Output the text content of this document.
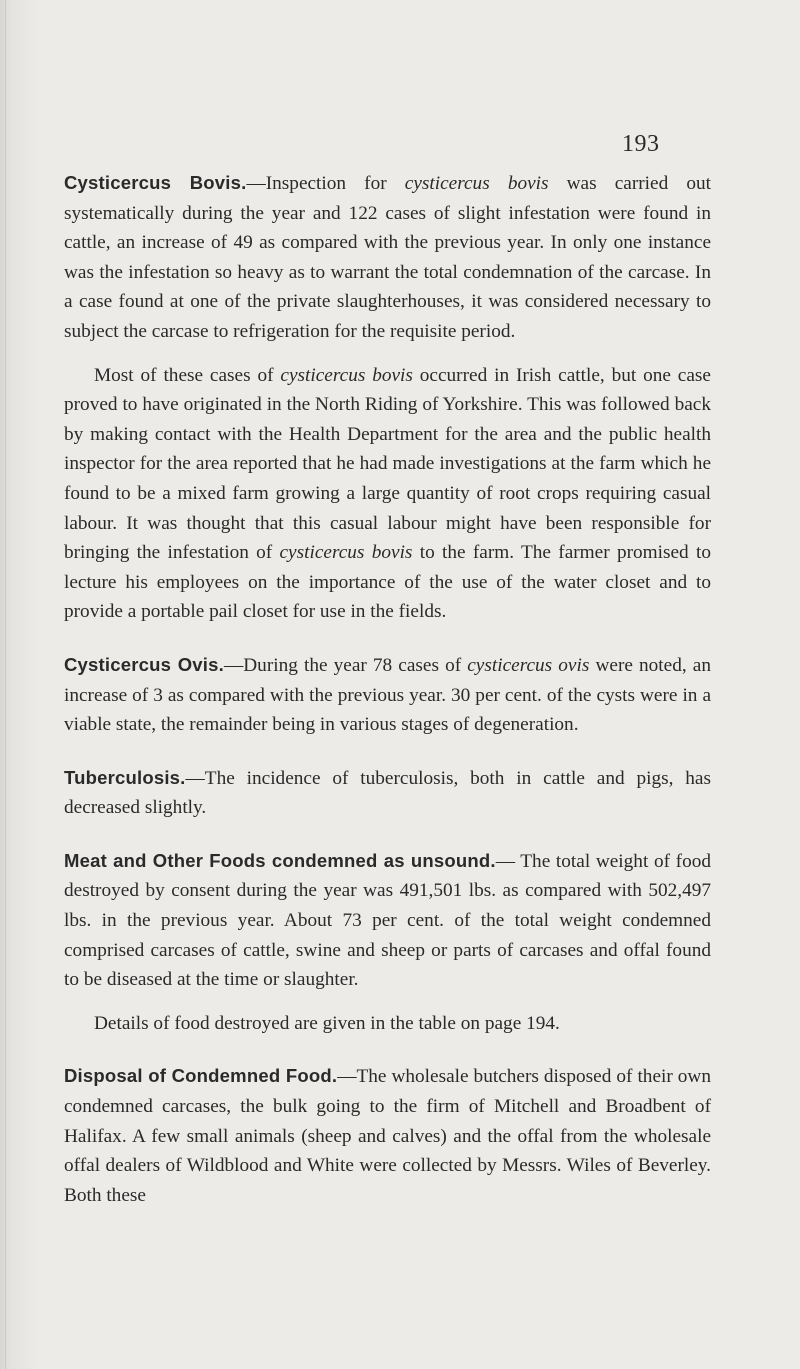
193

Cysticercus Bovis.—Inspection for cysticercus bovis was carried out systematically during the year and 122 cases of slight infestation were found in cattle, an increase of 49 as compared with the previous year. In only one instance was the infestation so heavy as to warrant the total condemnation of the carcase. In a case found at one of the private slaughterhouses, it was considered necessary to subject the carcase to refrigeration for the requisite period.

Most of these cases of cysticercus bovis occurred in Irish cattle, but one case proved to have originated in the North Riding of Yorkshire. This was followed back by making contact with the Health Department for the area and the public health inspector for the area reported that he had made investigations at the farm which he found to be a mixed farm growing a large quantity of root crops requiring casual labour. It was thought that this casual labour might have been responsible for bringing the infestation of cysticercus bovis to the farm. The farmer promised to lecture his employees on the importance of the use of the water closet and to provide a portable pail closet for use in the fields.

Cysticercus Ovis.—During the year 78 cases of cysticercus ovis were noted, an increase of 3 as compared with the previous year. 30 per cent. of the cysts were in a viable state, the remainder being in various stages of degeneration.

Tuberculosis.—The incidence of tuberculosis, both in cattle and pigs, has decreased slightly.

Meat and Other Foods condemned as unsound.— The total weight of food destroyed by consent during the year was 491,501 lbs. as compared with 502,497 lbs. in the previous year. About 73 per cent. of the total weight condemned comprised carcases of cattle, swine and sheep or parts of carcases and offal found to be diseased at the time or slaughter.

Details of food destroyed are given in the table on page 194.

Disposal of Condemned Food.—The wholesale butchers disposed of their own condemned carcases, the bulk going to the firm of Mitchell and Broadbent of Halifax. A few small animals (sheep and calves) and the offal from the wholesale offal dealers of Wildblood and White were collected by Messrs. Wiles of Beverley. Both these
